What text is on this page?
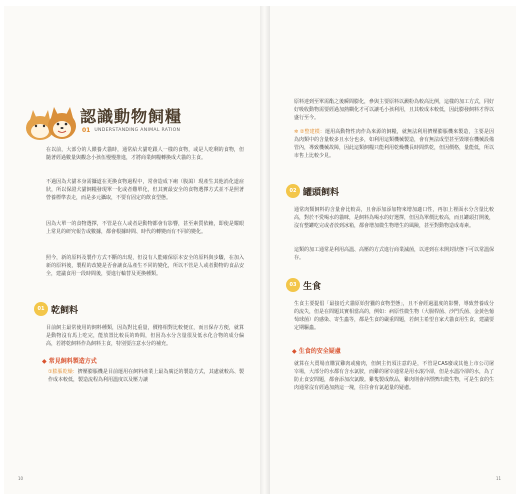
認識動物飼糧
01 UNDERSTANDING ANIMAL RATION
在以前，大部分的人餵養犬貓時，通常給犬貓吃跟人一樣的食物，或是人吃剩的食物，但隨著經過數量與觀念小孩伍慢慢推進，才將商業飼糧轉換成犬貓的主食。
不過因為犬貓本身需攝道在更換食物過程中，常會造成下痢（腹瀉）現產生其他消化道症狀，所以保證犬貓飼糧發現單一化或者難單化，但其實最安全的食物選擇方式並不是照著營養標準表走，而是多元攝取，不要有固定的飲食型態。
因為大單一的食物選擇，不管是在人或者是動物都會有影響，甚至素質依賴，即使是耀眼上常見的研究報告或數據，都會根據時間、時代的轉變而有不同的變化。
照今，新的原料及製作方式不斷的出現，但沒有人能確保原本安全的原料與步驟，在加入新的原料後，製程的改變是否會讓食品產生不同的變化，所以不管是人或者動物的食品安全，建議食用一段時間後，要進行輪替及更換種類。
01 乾飼料
目前飼主最常使用的飼料種類，因為對比重量，價格相對比較便宜，而且保存方便，就算是動物沒有馬上吃完，能放置比較長的時間，但因為水分含量很及低水化合物的成分偏高，若將乾飼料作為飼料主食，特別要注意水分的補充。
◆ 常見飼料製造方式
①膨脹乾燥：擠壓膨脹機是目前運用在飼料產業上最為廣泛的製造方式，其處就較高、製作成本較低，製造流程為利用溫度以及壓力讓
10
原料達到至單需酯之後瞬間膨化，參與主要原料以澱粉為較高比例，這樣的加工方式，同好好吸收動物需要經過加熱糊化才可以讓毛小孩利用，且其較成本較低，因此膨發飼料才得以盛行至今。
✲ ②整建模：運用高動物性肉作為來源的飼糧，就無法利用擠壓膨脹機來製造，主要是因為肉類中的含量較多且水分也多，如利用這類機械製造，會有無法成型甚至毀壞在機械設備管內，導致機械故障，因此這類飼糧只能利用乾燥機長時間烘乾，但因價格，量能低，所以市售上比較少見。
02 罐頭飼料
通常肉類飼料的含量會比較高，且會添加添加物來增加適口性，再加上裡面水分含量比較高，對於不愛喝水的貓咪，是飼料為喝水的好選擇，但因為單價比較高，而且罐頭打開後，沒有整罐吃完或者放到冰箱，都會增加微生物增生的風險，甚至對動物造成毒素。
這類的加工通常是利用高溫、高壓的方式進行商業滅菌，以達到在未開封狀態下可以常溫保存。
03 生食
生食主要提倡「最接近犬貓原始狩獵的食物型態」，且不會經過溫度的影響，導致營養成分的流失，但是在問題其實相當高的，例如：病原性微生物（大腸桿菌、沙門氏菌、金黃色葡萄球菌）的感染、寄生蟲等，都是生食的嚴重問題，若飼主希望自家犬貓食用生食，建議要定期驅蟲。
◆ 生食的安全疑慮
就算在大賣場直購買雞肉或豬肉，但飼主仍須注意的是，不管是CAS廢或其他上市公司屠宰場，大部分的水都有含水氯胺，而雞的屠宰通常是用水滾冷卻，但是水溫冷卻的水，為了防止食安問題，都會添加次氯酸。雞隻製成飲品，雞肉則會沖漂擠出微生物，可是生食的生肉通常沒有經過加熱這一塊，往往會有氯超量的疑慮。
11
